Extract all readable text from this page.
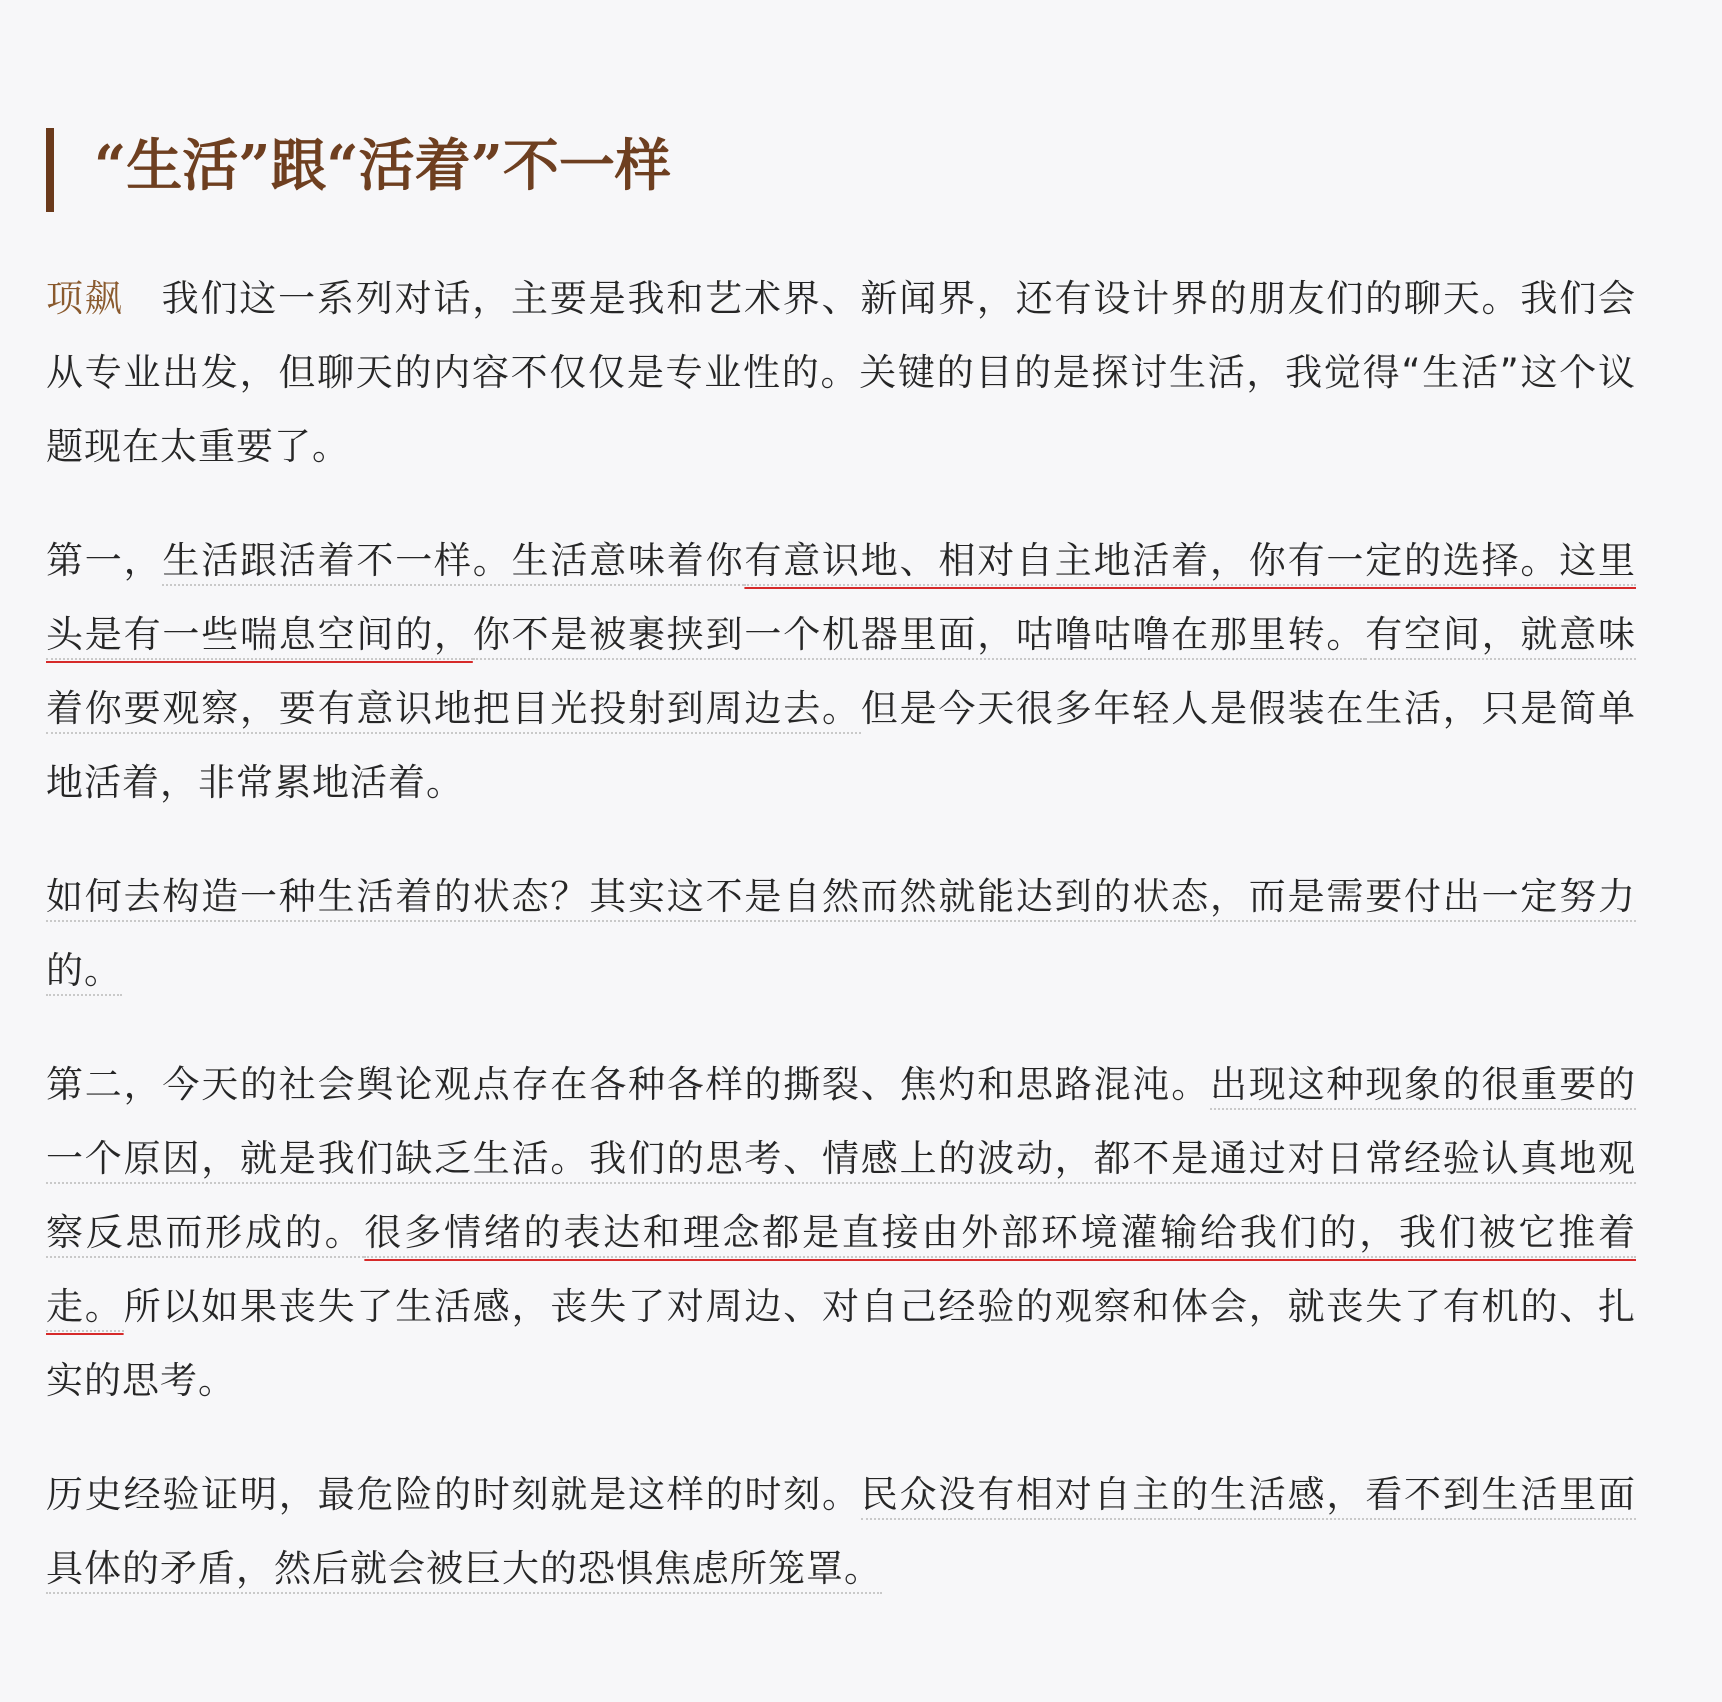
“生活”跟“活着”不一样

项飙 我们这一系列对话，主要是我和艺术界、新闻界，还有设计界的朋友们的聊天。我们会从专业出发，但聊天的内容不仅仅是专业性的。关键的目的是探讨生活，我觉得“生活”这个议题现在太重要了。

第一，生活跟活着不一样。生活意味着你有意识地、相对自主地活着，你有一定的选择。这里头是有一些喘息空间的，你不是被裹挟到一个机器里面，咕噜咕噜在那里转。有空间，就意味着你要观察，要有意识地把目光投射到周边去。但是今天很多年轻人是假装在生活，只是简单地活着，非常累地活着。

如何去构造一种生活着的状态？其实这不是自然而然就能达到的状态，而是需要付出一定努力的。

第二，今天的社会舆论观点存在各种各样的撕裂、焦灼和思路混沌。出现这种现象的很重要的一个原因，就是我们缺乏生活。我们的思考、情感上的波动，都不是通过对日常经验认真地观察反思而形成的。很多情绪的表达和理念都是直接由外部环境灌输给我们的，我们被它推着走。所以如果丧失了生活感，丧失了对周边、对自己经验的观察和体会，就丧失了有机的、扎实的思考。

历史经验证明，最危险的时刻就是这样的时刻。民众没有相对自主的生活感，看不到生活里面具体的矛盾，然后就会被巨大的恐惧焦虑所笼罩。
